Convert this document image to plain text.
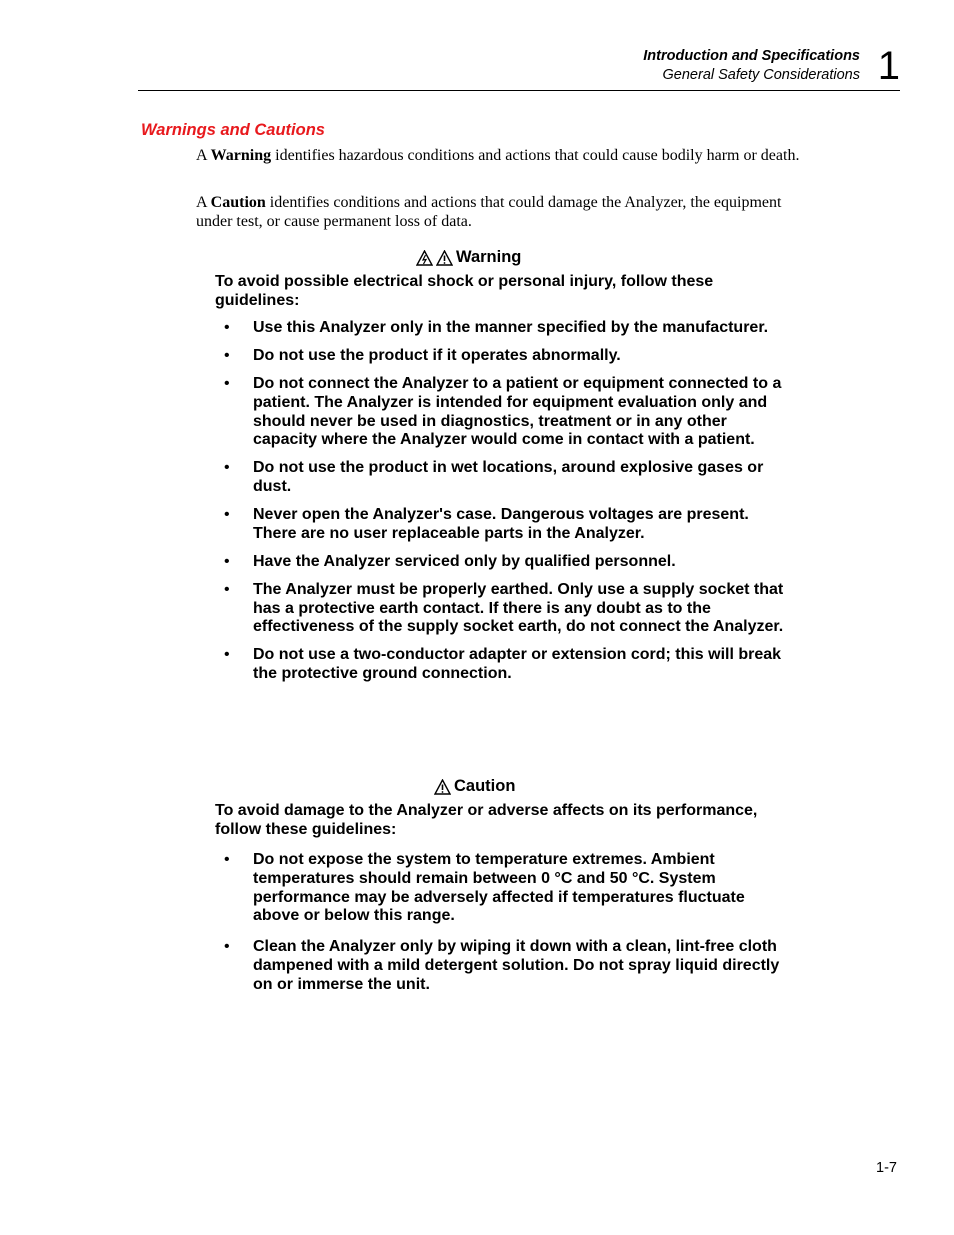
Introduction and Specifications
General Safety Considerations 1
Warnings and Cautions
A Warning identifies hazardous conditions and actions that could cause bodily harm or death.
A Caution identifies conditions and actions that could damage the Analyzer, the equipment under test, or cause permanent loss of data.
Warning
To avoid possible electrical shock or personal injury, follow these guidelines:
• Use this Analyzer only in the manner specified by the manufacturer.
• Do not use the product if it operates abnormally.
• Do not connect the Analyzer to a patient or equipment connected to a patient. The Analyzer is intended for equipment evaluation only and should never be used in diagnostics, treatment or in any other capacity where the Analyzer would come in contact with a patient.
• Do not use the product in wet locations, around explosive gases or dust.
• Never open the Analyzer's case. Dangerous voltages are present. There are no user replaceable parts in the Analyzer.
• Have the Analyzer serviced only by qualified personnel.
• The Analyzer must be properly earthed. Only use a supply socket that has a protective earth contact. If there is any doubt as to the effectiveness of the supply socket earth, do not connect the Analyzer.
• Do not use a two-conductor adapter or extension cord; this will break the protective ground connection.
Caution
To avoid damage to the Analyzer or adverse affects on its performance, follow these guidelines:
• Do not expose the system to temperature extremes. Ambient temperatures should remain between 0 °C and 50 °C. System performance may be adversely affected if temperatures fluctuate above or below this range.
• Clean the Analyzer only by wiping it down with a clean, lint-free cloth dampened with a mild detergent solution. Do not spray liquid directly on or immerse the unit.
1-7
